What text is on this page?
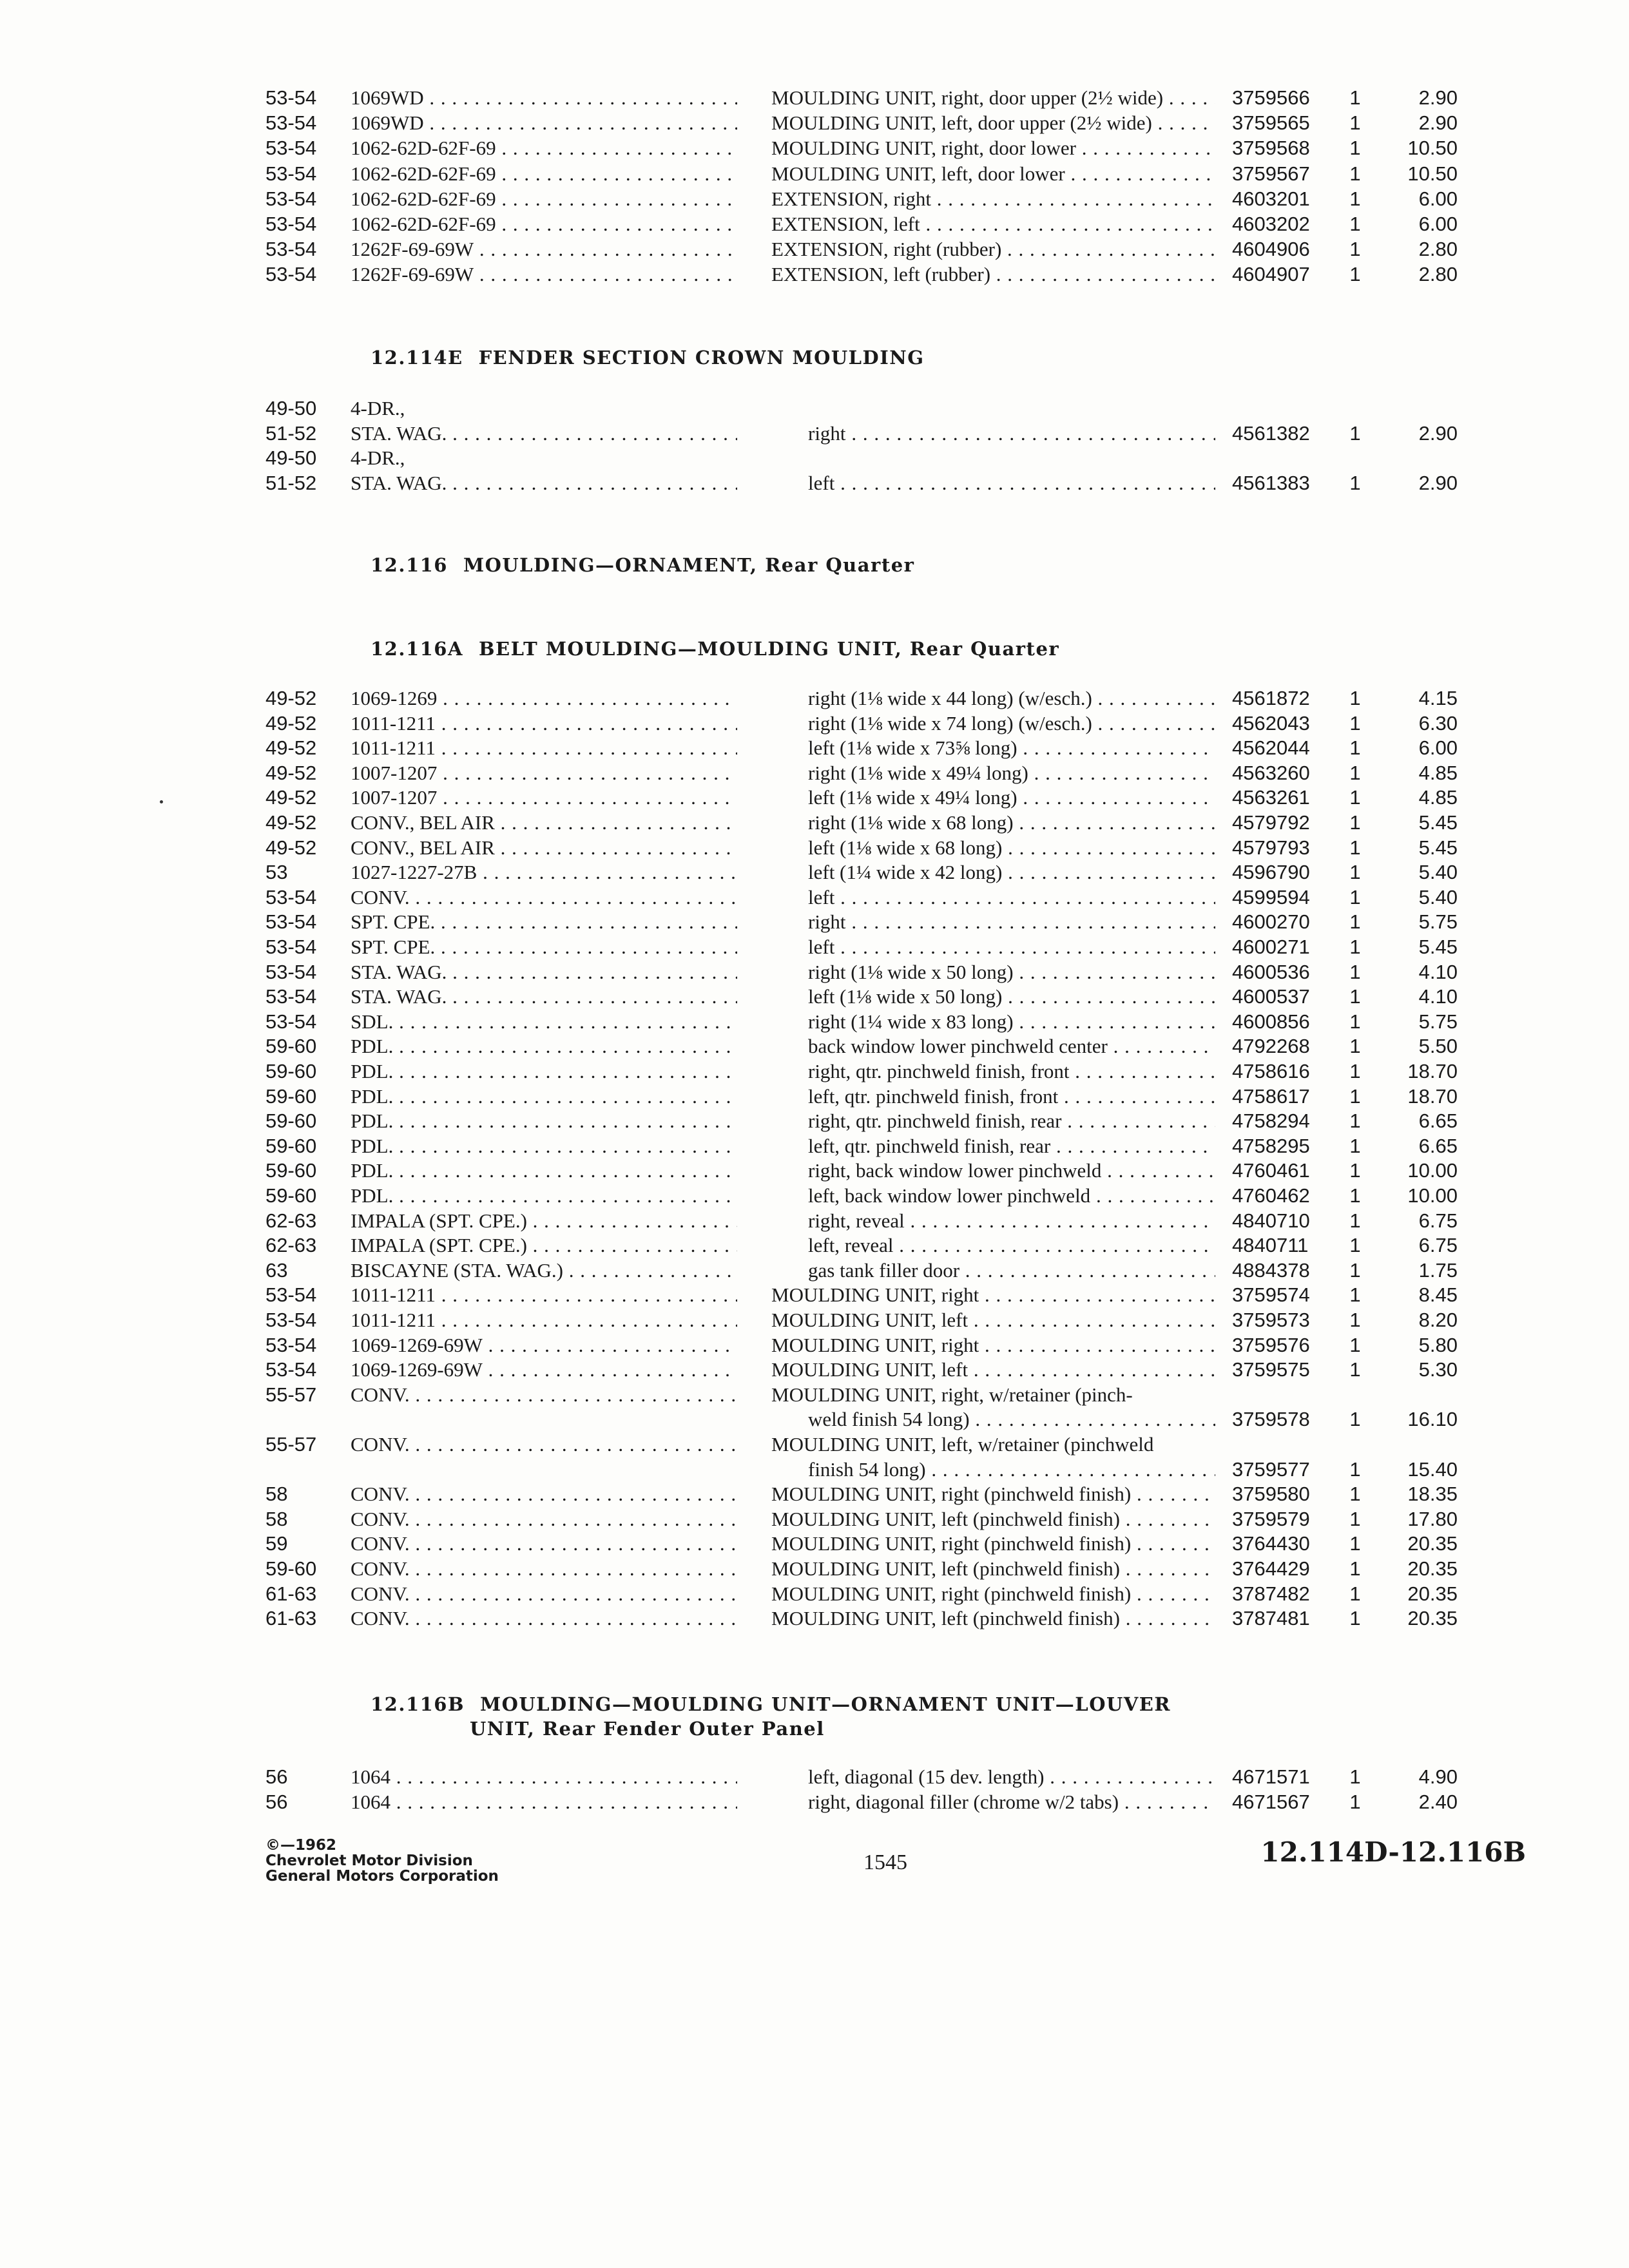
53-54	1069WD . . .	MOULDING UNIT, right, door upper (2½ wide) . . .	3759566	1	2.90
53-54	1069WD . . .	MOULDING UNIT, left, door upper (2½ wide) . . .	3759565	1	2.90
53-54	1062-62D-62F-69 . . .	MOULDING UNIT, right, door lower . . .	3759568	1	10.50
53-54	1062-62D-62F-69 . . .	MOULDING UNIT, left, door lower . . .	3759567	1	10.50
53-54	1062-62D-62F-69 . . .	EXTENSION, right . . .	4603201	1	6.00
53-54	1062-62D-62F-69 . . .	EXTENSION, left . . .	4603202	1	6.00
53-54	1262F-69-69W . . .	EXTENSION, right (rubber) . . .	4604906	1	2.80
53-54	1262F-69-69W . . .	EXTENSION, left (rubber) . . .	4604907	1	2.80
12.114E FENDER SECTION CROWN MOULDING
49-50	4-DR.,
51-52	STA. WAG. . . .	right . . .	4561382	1	2.90
49-50	4-DR.,
51-52	STA. WAG. . . .	left . . .	4561383	1	2.90
12.116 MOULDING—ORNAMENT, Rear Quarter
12.116A BELT MOULDING—MOULDING UNIT, Rear Quarter
49-52	1069-1269 . . .	right (1⅛ wide x 44 long) (w/esch.) . . .	4561872	1	4.15
49-52	1011-1211 . . .	right (1⅛ wide x 74 long) (w/esch.) . . .	4562043	1	6.30
49-52	1011-1211 . . .	left (1⅛ wide x 73⅝ long) . . .	4562044	1	6.00
49-52	1007-1207 . . .	right (1⅛ wide x 49¼ long) . . .	4563260	1	4.85
49-52	1007-1207 . . .	left (1⅛ wide x 49¼ long) . . .	4563261	1	4.85
49-52	CONV., BEL AIR . . .	right (1⅛ wide x 68 long) . . .	4579792	1	5.45
49-52	CONV., BEL AIR . . .	left (1⅛ wide x 68 long) . . .	4579793	1	5.45
53	1027-1227-27B . . .	left (1¼ wide x 42 long) . . .	4596790	1	5.40
53-54	CONV. . . .	left . . .	4599594	1	5.40
53-54	SPT. CPE. . . .	right . . .	4600270	1	5.75
53-54	SPT. CPE. . . .	left . . .	4600271	1	5.45
53-54	STA. WAG. . . .	right (1⅛ wide x 50 long) . . .	4600536	1	4.10
53-54	STA. WAG. . . .	left (1⅛ wide x 50 long) . . .	4600537	1	4.10
53-54	SDL. . . .	right (1¼ wide x 83 long) . . .	4600856	1	5.75
59-60	PDL. . . .	back window lower pinchweld center . . .	4792268	1	5.50
59-60	PDL. . . .	right, qtr. pinchweld finish, front . . .	4758616	1	18.70
59-60	PDL. . . .	left, qtr. pinchweld finish, front . . .	4758617	1	18.70
59-60	PDL. . . .	right, qtr. pinchweld finish, rear . . .	4758294	1	6.65
59-60	PDL. . . .	left, qtr. pinchweld finish, rear . . .	4758295	1	6.65
59-60	PDL. . . .	right, back window lower pinchweld . . .	4760461	1	10.00
59-60	PDL. . . .	left, back window lower pinchweld . . .	4760462	1	10.00
62-63	IMPALA (SPT. CPE.) . . .	right, reveal . . .	4840710	1	6.75
62-63	IMPALA (SPT. CPE.) . . .	left, reveal . . .	4840711	1	6.75
63	BISCAYNE (STA. WAG.) . . .	gas tank filler door . . .	4884378	1	1.75
53-54	1011-1211 . . .	MOULDING UNIT, right . . .	3759574	1	8.45
53-54	1011-1211 . . .	MOULDING UNIT, left . . .	3759573	1	8.20
53-54	1069-1269-69W . . .	MOULDING UNIT, right . . .	3759576	1	5.80
53-54	1069-1269-69W . . .	MOULDING UNIT, left . . .	3759575	1	5.30
55-57	CONV. . . .	MOULDING UNIT, right, w/retainer (pinch-
weld finish 54 long) . . .	3759578	1	16.10
55-57	CONV. . . .	MOULDING UNIT, left, w/retainer (pinchweld
finish 54 long) . . .	3759577	1	15.40
58	CONV. . . .	MOULDING UNIT, right (pinchweld finish) . . .	3759580	1	18.35
58	CONV. . . .	MOULDING UNIT, left (pinchweld finish) . . .	3759579	1	17.80
59	CONV. . . .	MOULDING UNIT, right (pinchweld finish) . . .	3764430	1	20.35
59-60	CONV. . . .	MOULDING UNIT, left (pinchweld finish) . . .	3764429	1	20.35
61-63	CONV. . . .	MOULDING UNIT, right (pinchweld finish) . . .	3787482	1	20.35
61-63	CONV. . . .	MOULDING UNIT, left (pinchweld finish) . . .	3787481	1	20.35
12.116B MOULDING—MOULDING UNIT—ORNAMENT UNIT—LOUVER
UNIT, Rear Fender Outer Panel
56	1064 . . .	left, diagonal (15 dev. length) . . .	4671571	1	4.90
56	1064 . . .	right, diagonal filler (chrome w/2 tabs) . . .	4671567	1	2.40
©—1962
Chevrolet Motor Division
General Motors Corporation
1545	12.114D-12.116B
